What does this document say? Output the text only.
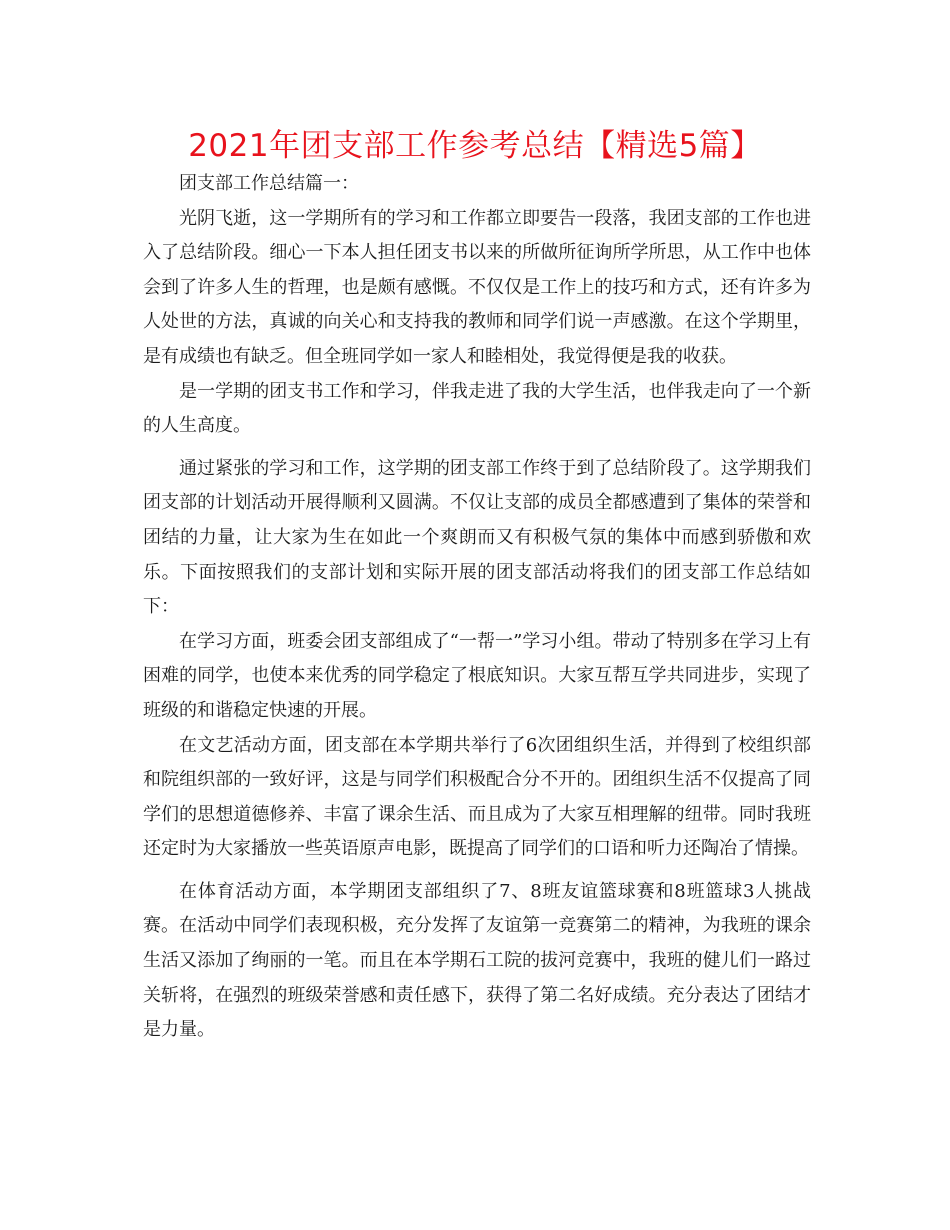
2021年团支部工作参考总结【精选5篇】

团支部工作总结篇一：

光阴飞逝，这一学期所有的学习和工作都立即要告一段落，我团支部的工作也进入了总结阶段。细心一下本人担任团支书以来的所做所征询所学所思，从工作中也体会到了许多人生的哲理，也是颇有感慨。不仅仅是工作上的技巧和方式，还有许多为人处世的方法，真诚的向关心和支持我的教师和同学们说一声感激。在这个学期里，是有成绩也有缺乏。但全班同学如一家人和睦相处，我觉得便是我的收获。

是一学期的团支书工作和学习，伴我走进了我的大学生活，也伴我走向了一个新的人生高度。

通过紧张的学习和工作，这学期的团支部工作终于到了总结阶段了。这学期我们团支部的计划活动开展得顺利又圆满。不仅让支部的成员全都感遭到了集体的荣誉和团结的力量，让大家为生在如此一个爽朗而又有积极气氛的集体中而感到骄傲和欢乐。下面按照我们的支部计划和实际开展的团支部活动将我们的团支部工作总结如下：

在学习方面，班委会团支部组成了“一帮一”学习小组。带动了特别多在学习上有困难的同学，也使本来优秀的同学稳定了根底知识。大家互帮互学共同进步，实现了班级的和谐稳定快速的开展。

在文艺活动方面，团支部在本学期共举行了6次团组织生活，并得到了校组织部和院组织部的一致好评，这是与同学们积极配合分不开的。团组织生活不仅提高了同学们的思想道德修养、丰富了课余生活、而且成为了大家互相理解的纽带。同时我班还定时为大家播放一些英语原声电影，既提高了同学们的口语和听力还陶冶了情操。

在体育活动方面，本学期团支部组织了7、8班友谊篮球赛和8班篮球3人挑战赛。在活动中同学们表现积极，充分发挥了友谊第一竞赛第二的精神，为我班的课余生活又添加了绚丽的一笔。而且在本学期石工院的拔河竞赛中，我班的健儿们一路过关斩将，在强烈的班级荣誉感和责任感下，获得了第二名好成绩。充分表达了团结才是力量。
